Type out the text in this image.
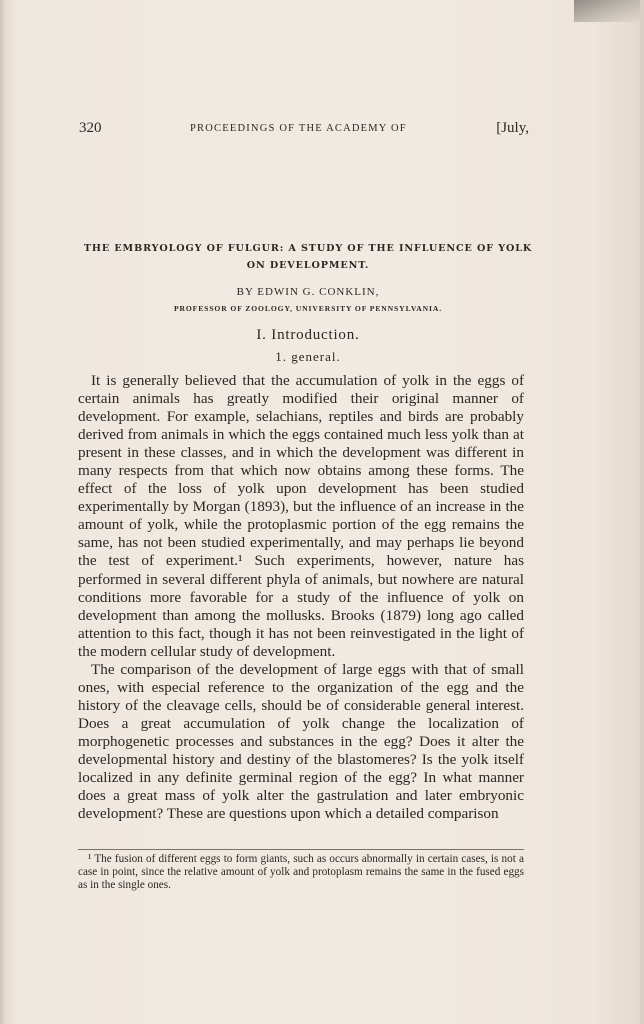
320	PROCEEDINGS OF THE ACADEMY OF	[July,
THE EMBRYOLOGY OF FULGUR: A STUDY OF THE INFLUENCE OF YOLK ON DEVELOPMENT.
BY EDWIN G. CONKLIN,
PROFESSOR OF ZOOLOGY, UNIVERSITY OF PENNSYLVANIA.
I. Introduction.
1. general.

It is generally believed that the accumulation of yolk in the eggs of certain animals has greatly modified their original manner of development. For example, selachians, reptiles and birds are probably derived from animals in which the eggs contained much less yolk than at present in these classes, and in which the development was different in many respects from that which now obtains among these forms. The effect of the loss of yolk upon development has been studied experimentally by Morgan (1893), but the influence of an increase in the amount of yolk, while the protoplasmic portion of the egg remains the same, has not been studied experimentally, and may perhaps lie beyond the test of experiment.¹ Such experiments, however, nature has performed in several different phyla of animals, but nowhere are natural conditions more favorable for a study of the influence of yolk on development than among the mollusks. Brooks (1879) long ago called attention to this fact, though it has not been reinvestigated in the light of the modern cellular study of development.

The comparison of the development of large eggs with that of small ones, with especial reference to the organization of the egg and the history of the cleavage cells, should be of considerable general interest. Does a great accumulation of yolk change the localization of morphogenetic processes and substances in the egg? Does it alter the developmental history and destiny of the blastomeres? Is the yolk itself localized in any definite germinal region of the egg? In what manner does a great mass of yolk alter the gastrulation and later embryonic development? These are questions upon which a detailed comparison

¹ The fusion of different eggs to form giants, such as occurs abnormally in certain cases, is not a case in point, since the relative amount of yolk and protoplasm remains the same in the fused eggs as in the single ones.
